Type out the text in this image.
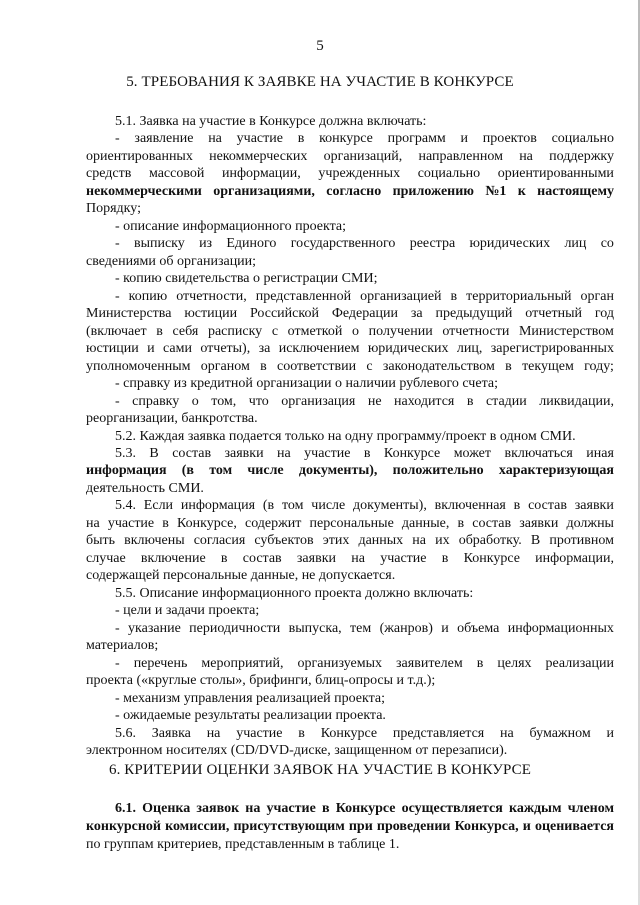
5
5. ТРЕБОВАНИЯ К ЗАЯВКЕ НА УЧАСТИЕ В КОНКУРСЕ
5.1. Заявка на участие в Конкурсе должна включать:
- заявление на участие в конкурсе программ и проектов социально
ориентированных некоммерческих организаций, направленном на поддержку
средств массовой информации, учрежденных социально ориентированными
некоммерческими организациями, согласно приложению №1 к настоящему
Порядку;
- описание информационного проекта;
- выписку из Единого государственного реестра юридических лиц со
сведениями об организации;
- копию свидетельства о регистрации СМИ;
- копию отчетности, представленной организацией в территориальный орган
Министерства юстиции Российской Федерации за предыдущий отчетный год
(включает в себя расписку с отметкой о получении отчетности Министерством
юстиции и сами отчеты), за исключением юридических лиц, зарегистрированных
уполномоченным органом в соответствии с законодательством в текущем году;
- справку из кредитной организации о наличии рублевого счета;
- справку о том, что организация не находится в стадии ликвидации,
реорганизации, банкротства.
5.2. Каждая заявка подается только на одну программу/проект в одном СМИ.
5.3. В состав заявки на участие в Конкурсе может включаться иная
информация (в том числе документы), положительно характеризующая
деятельность СМИ.
5.4. Если информация (в том числе документы), включенная в состав заявки
на участие в Конкурсе, содержит персональные данные, в состав заявки должны
быть включены согласия субъектов этих данных на их обработку. В противном
случае включение в состав заявки на участие в Конкурсе информации,
содержащей персональные данные, не допускается.
5.5. Описание информационного проекта должно включать:
- цели и задачи проекта;
- указание периодичности выпуска, тем (жанров) и объема информационных
материалов;
- перечень мероприятий, организуемых заявителем в целях реализации
проекта («круглые столы», брифинги, блиц-опросы и т.д.);
- механизм управления реализацией проекта;
- ожидаемые результаты реализации проекта.
5.6. Заявка на участие в Конкурсе представляется на бумажном и
электронном носителях (CD/DVD-диске, защищенном от перезаписи).
6. КРИТЕРИИ ОЦЕНКИ ЗАЯВОК НА УЧАСТИЕ В КОНКУРСЕ
6.1. Оценка заявок на участие в Конкурсе осуществляется каждым членом
конкурсной комиссии, присутствующим при проведении Конкурса, и оценивается
по группам критериев, представленным в таблице 1.
